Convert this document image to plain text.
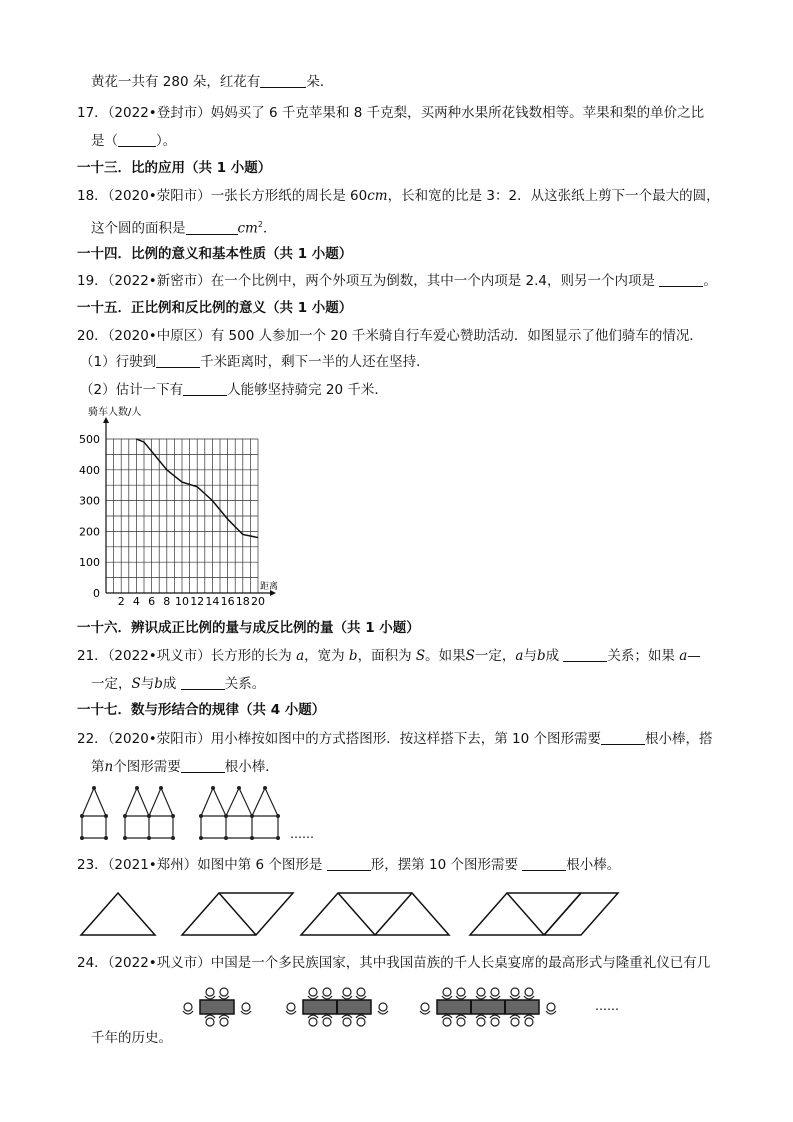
黄花一共有 280 朵，红花有	朵．
17．（2022•登封市）妈妈买了 6 千克苹果和 8 千克梨，买两种水果所花钱数相等。苹果和梨的单价之比
是（	）。
一十三．比的应用（共 1 小题）
18．（2020•荥阳市）一张长方形纸的周长是 60cm，长和宽的比是 3：2．从这张纸上剪下一个最大的圆，
这个圆的面积是	$cm^2$．
一十四．比例的意义和基本性质（共 1 小题）
19．（2022•新密市）在一个比例中，两个外项互为倒数，其中一个内项是 2.4，则另一个内项是	。
一十五．正比例和反比例的意义（共 1 小题）
20．（2020•中原区）有 500 人参加一个 20 千米骑自行车爱心赞助活动．如图显示了他们骑车的情况．
（1）行驶到	千米距离时，剩下一半的人还在坚持．
（2）估计一下有	人能够坚持骑完 20 千米．
2 4 6 8 10 12 14 16 18 20
0
100
200
300
400
500
骑车人数/人
距离
一十六．辨识成正比例的量与成反比例的量（共 1 小题）
21．（2022•巩义市）长方形的长为 a，宽为 b，面积为 S。如果S一定，a与b成	关系；如果 a—
一定，S与b成	关系。
一十七．数与形结合的规律（共 4 小题）
22．（2020•荥阳市）用小棒按如图中的方式搭图形．按这样搭下去，第 10 个图形需要	根小棒，搭
第n个图形需要	根小棒．
……
23．（2021•郑州）如图中第 6 个图形是	形，摆第 10 个图形需要	根小棒。
24．（2022•巩义市）中国是一个多民族国家，其中我国苗族的千人长桌宴席的最高形式与隆重礼仪已有几
……
千年的历史。
